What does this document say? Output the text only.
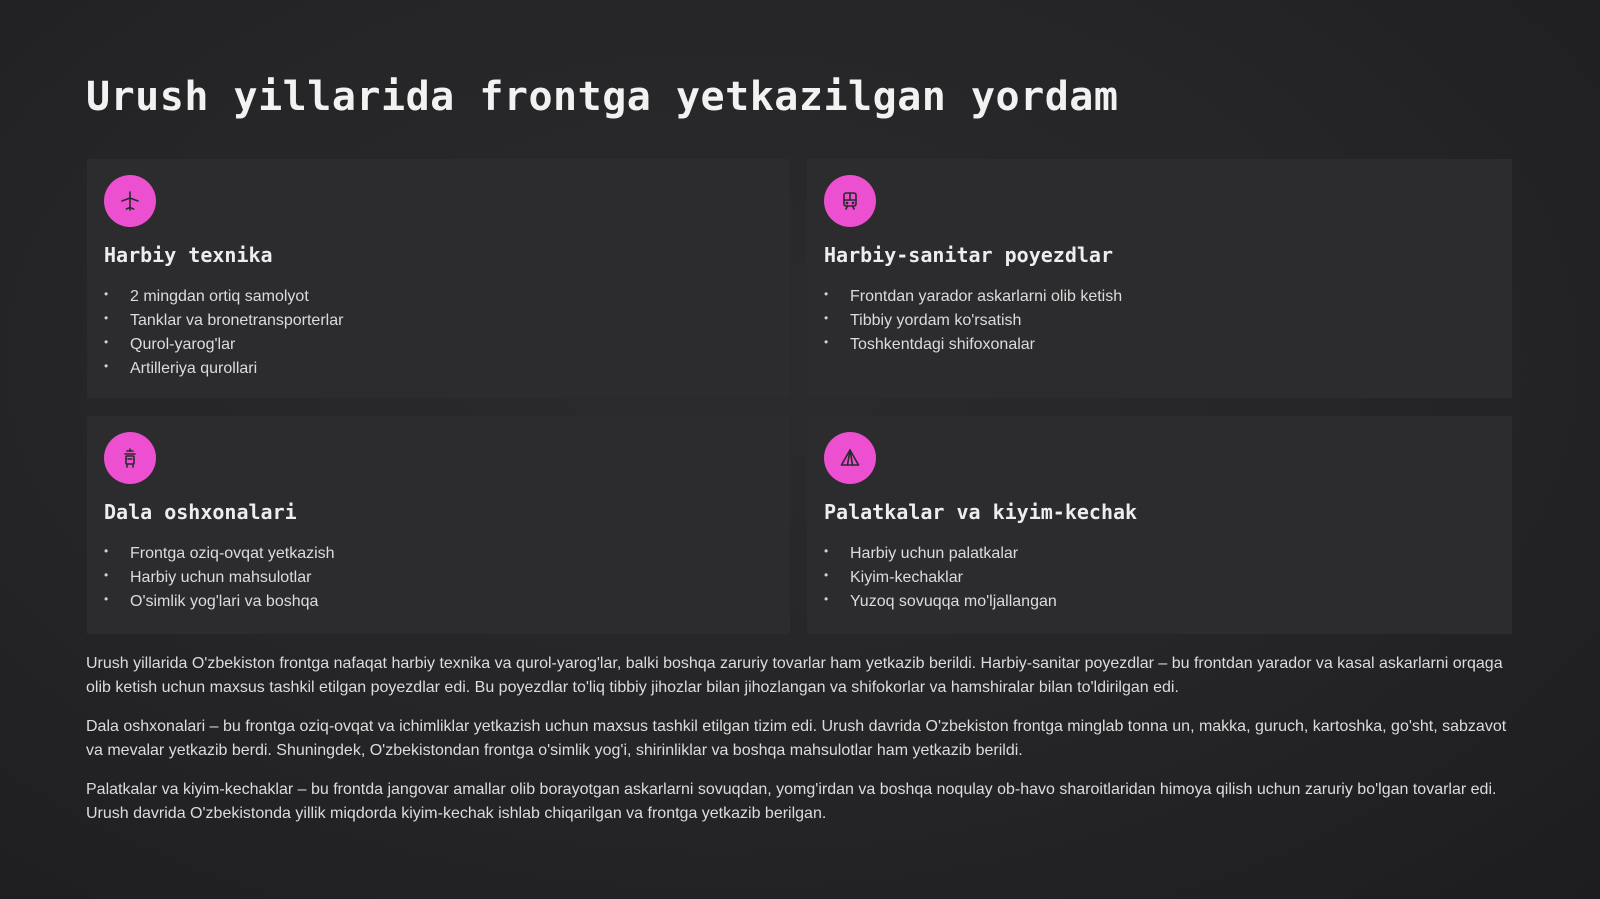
Urush yillarida frontga yetkazilgan yordam
Harbiy texnika
• 2 mingdan ortiq samolyot
• Tanklar va bronetransporterlar
• Qurol-yarog'lar
• Artilleriya qurollari
Harbiy-sanitar poyezdlar
• Frontdan yarador askarlarni olib ketish
• Tibbiy yordam ko'rsatish
• Toshkentdagi shifoxonalar
Dala oshxonalari
• Frontga oziq-ovqat yetkazish
• Harbiy uchun mahsulotlar
• O'simlik yog'lari va boshqa
Palatkalar va kiyim-kechak
• Harbiy uchun palatkalar
• Kiyim-kechaklar
• Yuzoq sovuqqa mo'ljallangan

Urush yillarida O'zbekiston frontga nafaqat harbiy texnika va qurol-yarog'lar, balki boshqa zaruriy tovarlar ham yetkazib berildi. Harbiy-sanitar poyezdlar – bu frontdan yarador va kasal askarlarni orqaga olib ketish uchun maxsus tashkil etilgan poyezdlar edi. Bu poyezdlar to'liq tibbiy jihozlar bilan jihozlangan va shifokorlar va hamshiralar bilan to'ldirilgan edi.

Dala oshxonalari – bu frontga oziq-ovqat va ichimliklar yetkazish uchun maxsus tashkil etilgan tizim edi. Urush davrida O'zbekiston frontga minglab tonna un, makka, guruch, kartoshka, go'sht, sabzavot va mevalar yetkazib berdi. Shuningdek, O'zbekistondan frontga o'simlik yog'i, shirinliklar va boshqa mahsulotlar ham yetkazib berildi.

Palatkalar va kiyim-kechaklar – bu frontda jangovar amallar olib borayotgan askarlarni sovuqdan, yomg'irdan va boshqa noqulay ob-havo sharoitlaridan himoya qilish uchun zaruriy bo'lgan tovarlar edi. Urush davrida O'zbekistonda yillik miqdorda kiyim-kechak ishlab chiqarilgan va frontga yetkazib berilgan.
